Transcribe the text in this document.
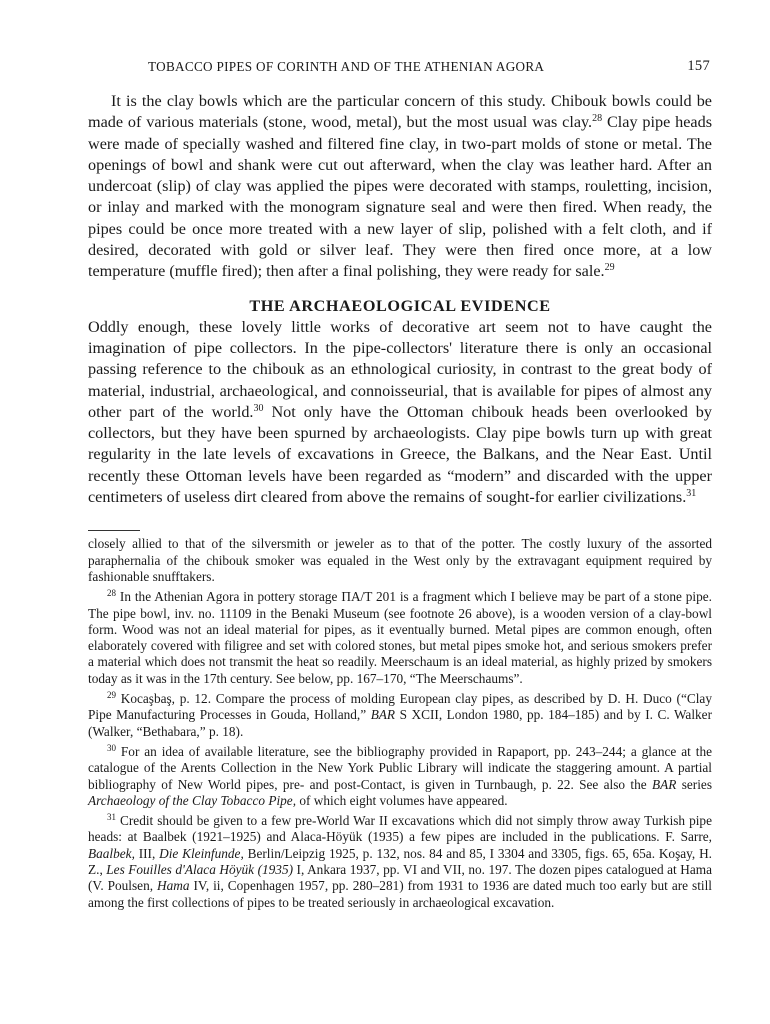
TOBACCO PIPES OF CORINTH AND OF THE ATHENIAN AGORA	157

It is the clay bowls which are the particular concern of this study. Chibouk bowls could be made of various materials (stone, wood, metal), but the most usual was clay.$^{28}$ Clay pipe heads were made of specially washed and filtered fine clay, in two-part molds of stone or metal. The openings of bowl and shank were cut out afterward, when the clay was leather hard. After an undercoat (slip) of clay was applied the pipes were decorated with stamps, rouletting, incision, or inlay and marked with the monogram signature seal and were then fired. When ready, the pipes could be once more treated with a new layer of slip, polished with a felt cloth, and if desired, decorated with gold or silver leaf. They were then fired once more, at a low temperature (muffle fired); then after a final polishing, they were ready for sale.$^{29}$

THE ARCHAEOLOGICAL EVIDENCE

Oddly enough, these lovely little works of decorative art seem not to have caught the imagination of pipe collectors. In the pipe-collectors' literature there is only an occasional passing reference to the chibouk as an ethnological curiosity, in contrast to the great body of material, industrial, archaeological, and connoisseurial, that is available for pipes of almost any other part of the world.$^{30}$ Not only have the Ottoman chibouk heads been overlooked by collectors, but they have been spurned by archaeologists. Clay pipe bowls turn up with great regularity in the late levels of excavations in Greece, the Balkans, and the Near East. Until recently these Ottoman levels have been regarded as “modern” and discarded with the upper centimeters of useless dirt cleared from above the remains of sought-for earlier civilizations.$^{31}$

closely allied to that of the silversmith or jeweler as to that of the potter. The costly luxury of the assorted paraphernalia of the chibouk smoker was equaled in the West only by the extravagant equipment required by fashionable snufftakers.

$^{28}$ In the Athenian Agora in pottery storage ΠΑ/T 201 is a fragment which I believe may be part of a stone pipe. The pipe bowl, inv. no. 11109 in the Benaki Museum (see footnote 26 above), is a wooden version of a clay-bowl form. Wood was not an ideal material for pipes, as it eventually burned. Metal pipes are common enough, often elaborately covered with filigree and set with colored stones, but metal pipes smoke hot, and serious smokers prefer a material which does not transmit the heat so readily. Meerschaum is an ideal material, as highly prized by smokers today as it was in the 17th century. See below, pp. 167–170, “The Meerschaums”.

$^{29}$ Kocaşbaş, p. 12. Compare the process of molding European clay pipes, as described by D. H. Duco (“Clay Pipe Manufacturing Processes in Gouda, Holland,” BAR S XCII, London 1980, pp. 184–185) and by I. C. Walker (Walker, “Bethabara,” p. 18).

$^{30}$ For an idea of available literature, see the bibliography provided in Rapaport, pp. 243–244; a glance at the catalogue of the Arents Collection in the New York Public Library will indicate the staggering amount. A partial bibliography of New World pipes, pre- and post-Contact, is given in Turnbaugh, p. 22. See also the BAR series Archaeology of the Clay Tobacco Pipe, of which eight volumes have appeared.

$^{31}$ Credit should be given to a few pre-World War II excavations which did not simply throw away Turkish pipe heads: at Baalbek (1921–1925) and Alaca-Höyük (1935) a few pipes are included in the publications. F. Sarre, Baalbek, III, Die Kleinfunde, Berlin/Leipzig 1925, p. 132, nos. 84 and 85, I 3304 and 3305, figs. 65, 65a. Koşay, H. Z., Les Fouilles d'Alaca Höyük (1935) I, Ankara 1937, pp. VI and VII, no. 197. The dozen pipes catalogued at Hama (V. Poulsen, Hama IV, ii, Copenhagen 1957, pp. 280–281) from 1931 to 1936 are dated much too early but are still among the first collections of pipes to be treated seriously in archaeological excavation.
